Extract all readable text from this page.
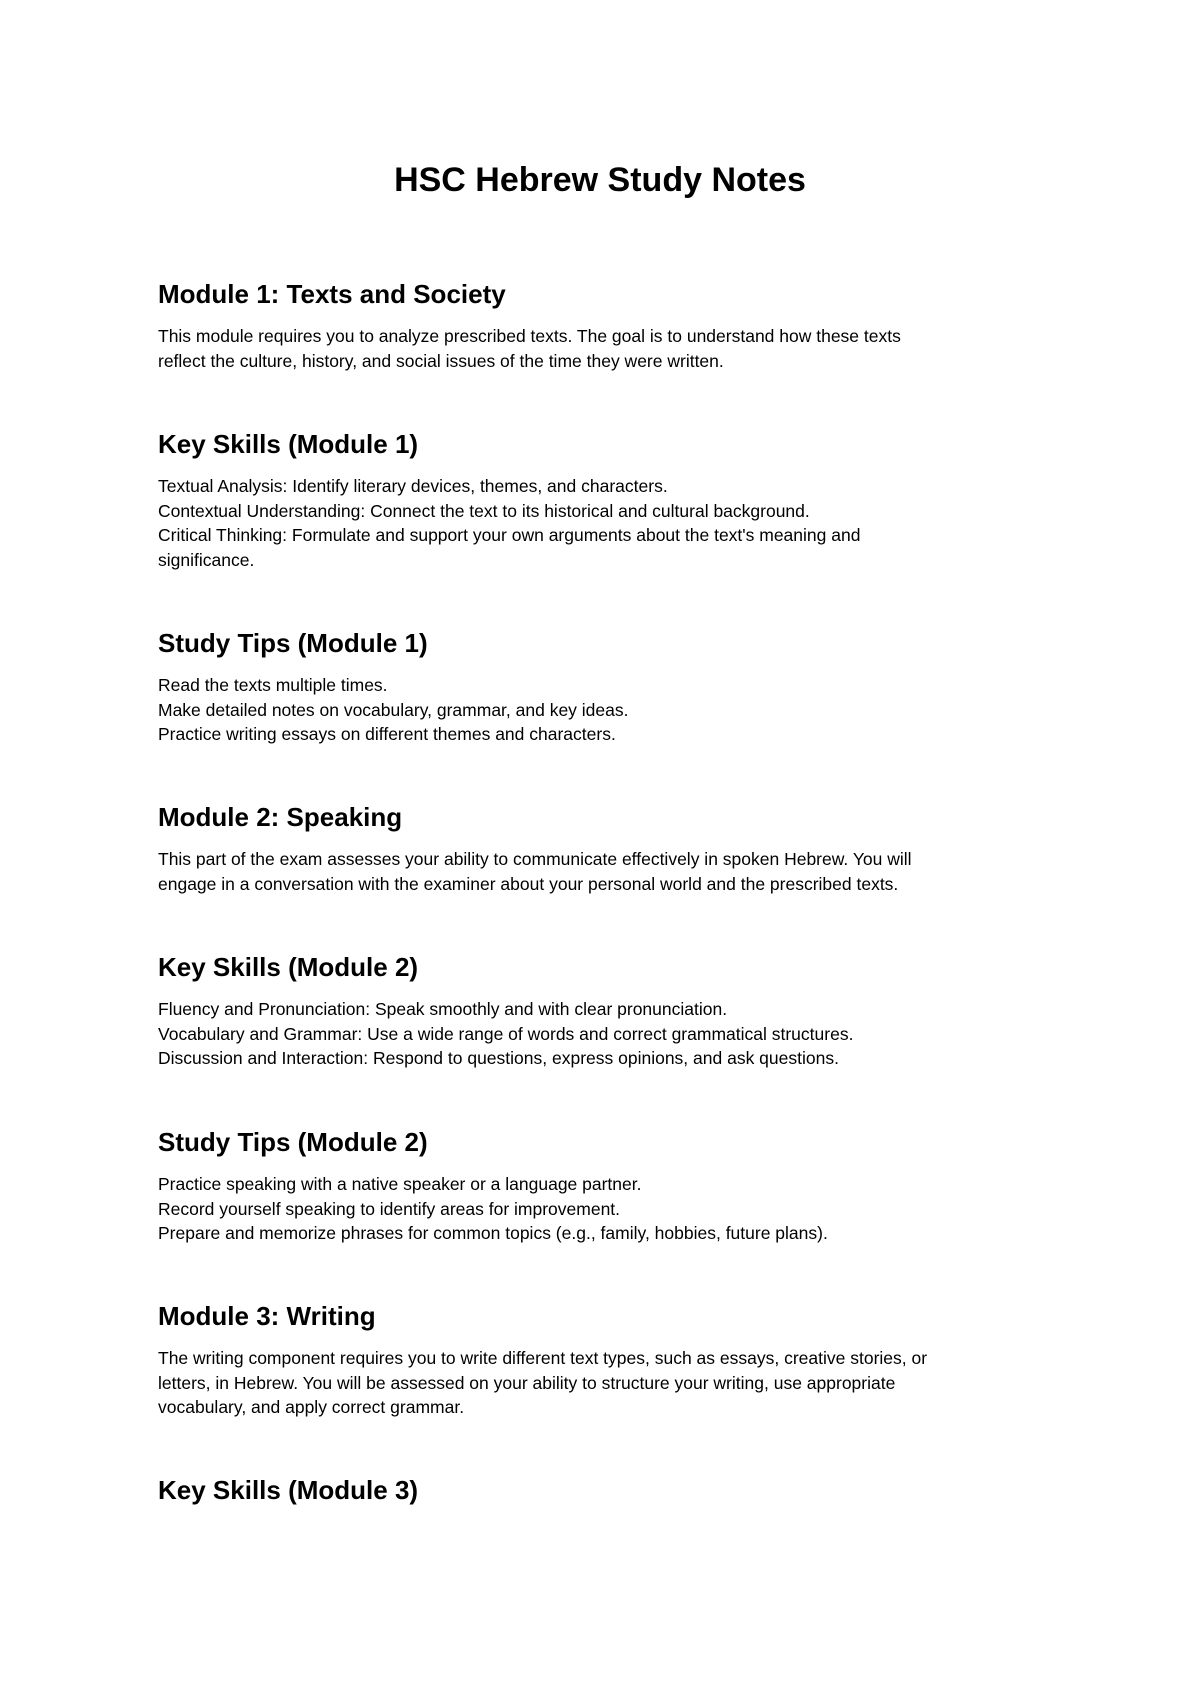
HSC Hebrew Study Notes
Module 1: Texts and Society

This module requires you to analyze prescribed texts. The goal is to understand how these texts
reflect the culture, history, and social issues of the time they were written.

Key Skills (Module 1)

Textual Analysis: Identify literary devices, themes, and characters.
Contextual Understanding: Connect the text to its historical and cultural background.
Critical Thinking: Formulate and support your own arguments about the text's meaning and
significance.

Study Tips (Module 1)

Read the texts multiple times.
Make detailed notes on vocabulary, grammar, and key ideas.
Practice writing essays on different themes and characters.

Module 2: Speaking

This part of the exam assesses your ability to communicate effectively in spoken Hebrew. You will
engage in a conversation with the examiner about your personal world and the prescribed texts.

Key Skills (Module 2)

Fluency and Pronunciation: Speak smoothly and with clear pronunciation.
Vocabulary and Grammar: Use a wide range of words and correct grammatical structures.
Discussion and Interaction: Respond to questions, express opinions, and ask questions.

Study Tips (Module 2)

Practice speaking with a native speaker or a language partner.
Record yourself speaking to identify areas for improvement.
Prepare and memorize phrases for common topics (e.g., family, hobbies, future plans).

Module 3: Writing

The writing component requires you to write different text types, such as essays, creative stories, or
letters, in Hebrew. You will be assessed on your ability to structure your writing, use appropriate
vocabulary, and apply correct grammar.

Key Skills (Module 3)
